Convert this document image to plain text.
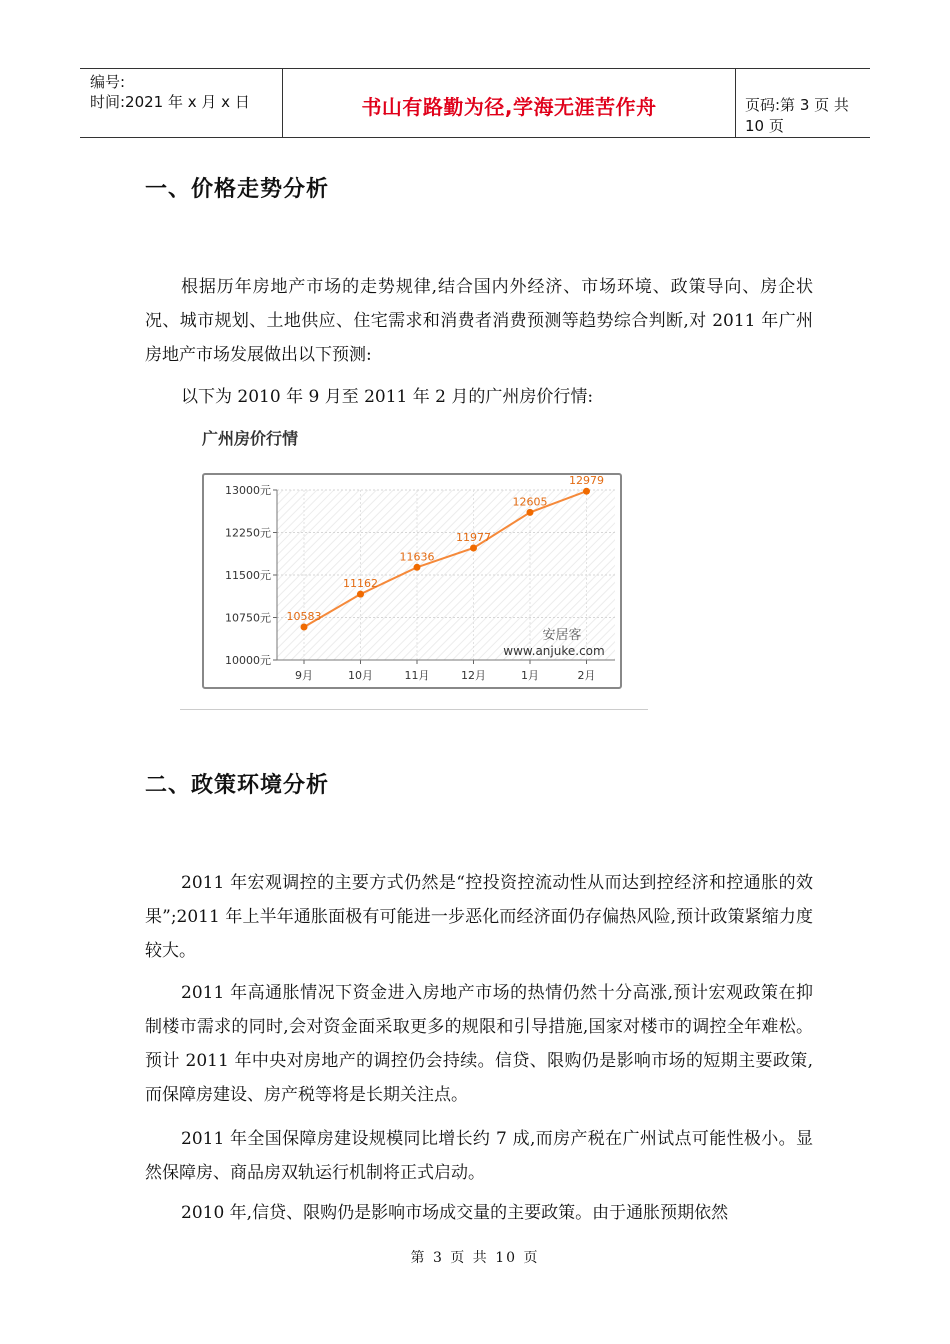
编号:
时间:2021 年 x 月 x 日	书山有路勤为径,学海无涯苦作舟	页码:第 3 页 共 10 页
一、价格走势分析

根据历年房地产市场的走势规律,结合国内外经济、市场环境、政策导向、房企状况、城市规划、土地供应、住宅需求和消费者消费预测等趋势综合判断,对 2011 年广州房地产市场发展做出以下预测:

以下为 2010 年 9 月至 2011 年 2 月的广州房价行情:

广州房价行情
13000元
12250元
11500元
10750元
10000元
9月	10月	11月	12月	1月	2月
安居客
www.anjuke.com
10583
11162
11636
11977
12605
12979
二、政策环境分析

2011 年宏观调控的主要方式仍然是“控投资控流动性从而达到控经济和控通胀的效果”;2011 年上半年通胀面极有可能进一步恶化而经济面仍存偏热风险,预计政策紧缩力度较大。

2011 年高通胀情况下资金进入房地产市场的热情仍然十分高涨,预计宏观政策在抑制楼市需求的同时,会对资金面采取更多的规限和引导措施,国家对楼市的调控全年难松。预计 2011 年中央对房地产的调控仍会持续。信贷、限购仍是影响市场的短期主要政策,而保障房建设、房产税等将是长期关注点。

2011 年全国保障房建设规模同比增长约 7 成,而房产税在广州试点可能性极小。显然保障房、商品房双轨运行机制将正式启动。

2010 年,信贷、限购仍是影响市场成交量的主要政策。由于通胀预期依然

第 3 页 共 10 页
